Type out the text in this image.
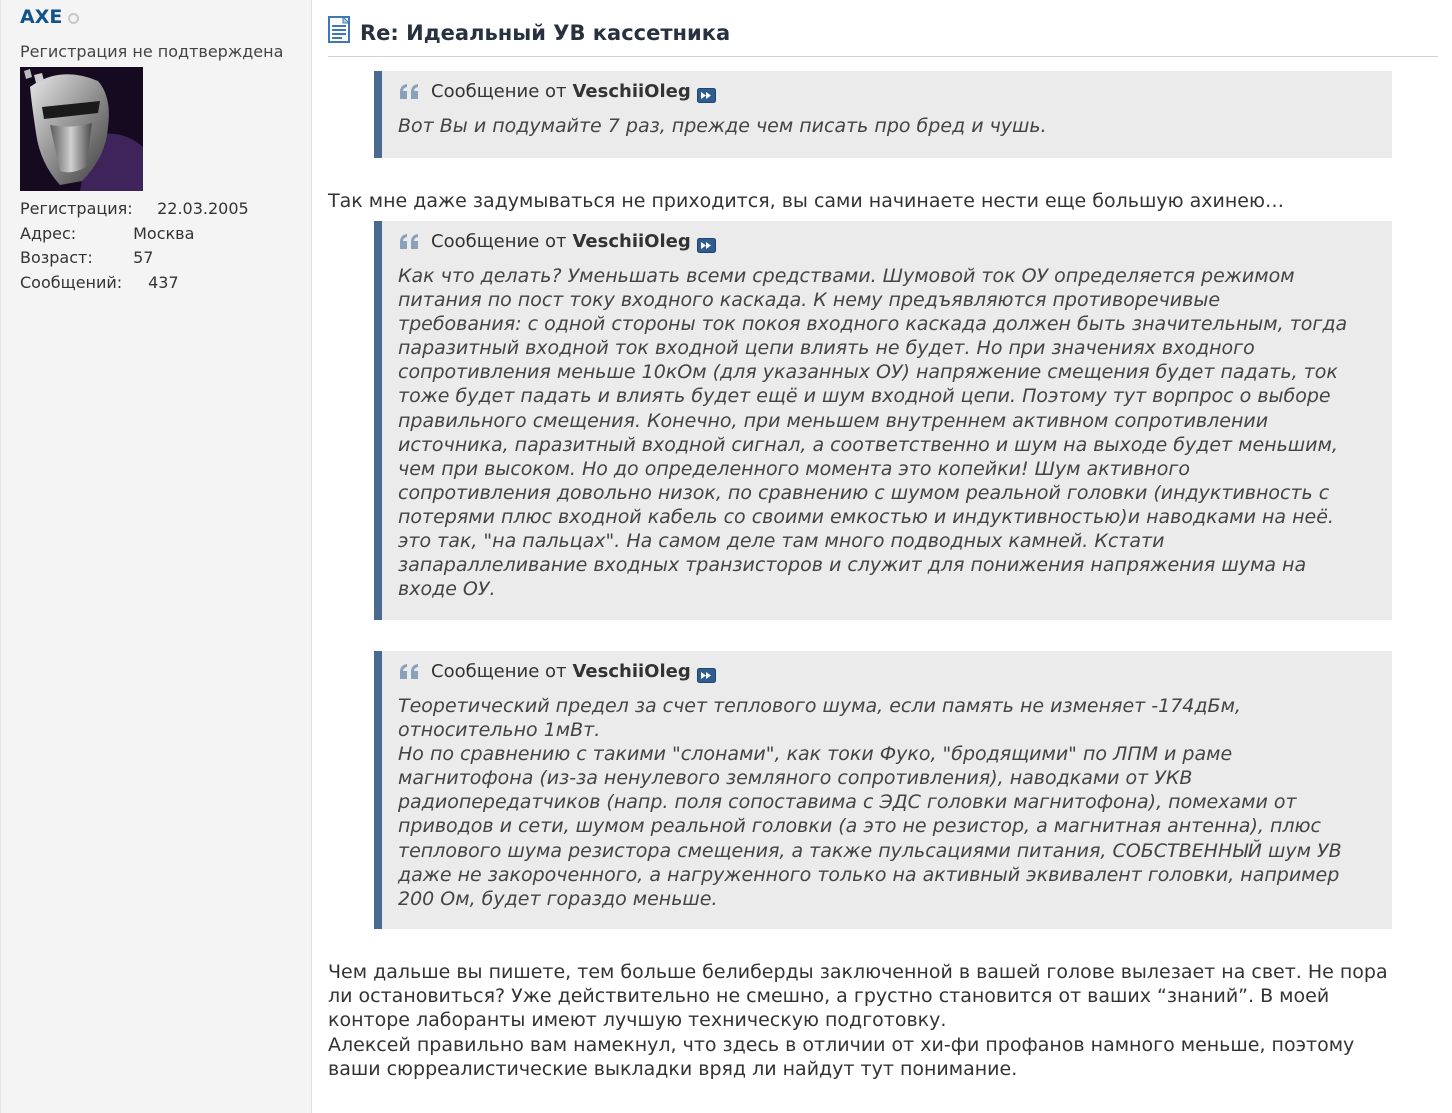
AXE
Регистрация не подтверждена
Регистрация: 22.03.2005
Адрес:	Москва
Возраст:	57
Сообщений: 437
Re: Идеальный УВ кассетника
Сообщение от VeschiiOleg
Вот Вы и подумайте 7 раз, прежде чем писать про бред и чушь.
Так мне даже задумываться не приходится, вы сами начинаете нести еще большую ахинею…
Сообщение от VeschiiOleg
Как что делать? Уменьшать всеми средствами. Шумовой ток ОУ определяется режимом
питания по пост току входного каскада. К нему предъявляются противоречивые
требования: с одной стороны ток покоя входного каскада должен быть значительным, тогда
паразитный входной ток входной цепи влиять не будет. Но при значениях входного
сопротивления меньше 10кОм (для указанных ОУ) напряжение смещения будет падать, ток
тоже будет падать и влиять будет ещё и шум входной цепи. Поэтому тут ворпрос о выборе
правильного смещения. Конечно, при меньшем внутреннем активном сопротивлении
источника, паразитный входной сигнал, а соответственно и шум на выходе будет меньшим,
чем при высоком. Но до определенного момента это копейки! Шум активного
сопротивления довольно низок, по сравнению с шумом реальной головки (индуктивность с
потерями плюс входной кабель со своими емкостью и индуктивностью)и наводками на неё.
это так, "на пальцах". На самом деле там много подводных камней. Кстати
запараллеливание входных транзисторов и служит для понижения напряжения шума на
входе ОУ.
Сообщение от VeschiiOleg
Теоретический предел за счет теплового шума, если память не изменяет -174дБм,
относительно 1мВт.
Но по сравнению с такими "слонами", как токи Фуко, "бродящими" по ЛПМ и раме
магнитофона (из-за ненулевого земляного сопротивления), наводками от УКВ
радиопередатчиков (напр. поля сопоставима с ЭДС головки магнитофона), помехами от
приводов и сети, шумом реальной головки (а это не резистор, а магнитная антенна), плюс
теплового шума резистора смещения, а также пульсациями питания, СОБСТВЕННЫЙ шум УВ
даже не закороченного, а нагруженного только на активный эквивалент головки, например
200 Ом, будет гораздо меньше.
Чем дальше вы пишете, тем больше белиберды заключенной в вашей голове вылезает на свет. Не пора
ли остановиться? Уже действительно не смешно, а грустно становится от ваших “знаний”. В моей
конторе лаборанты имеют лучшую техническую подготовку.
Алексей правильно вам намекнул, что здесь в отличии от хи-фи профанов намного меньше, поэтому
ваши сюрреалистические выкладки вряд ли найдут тут понимание.
